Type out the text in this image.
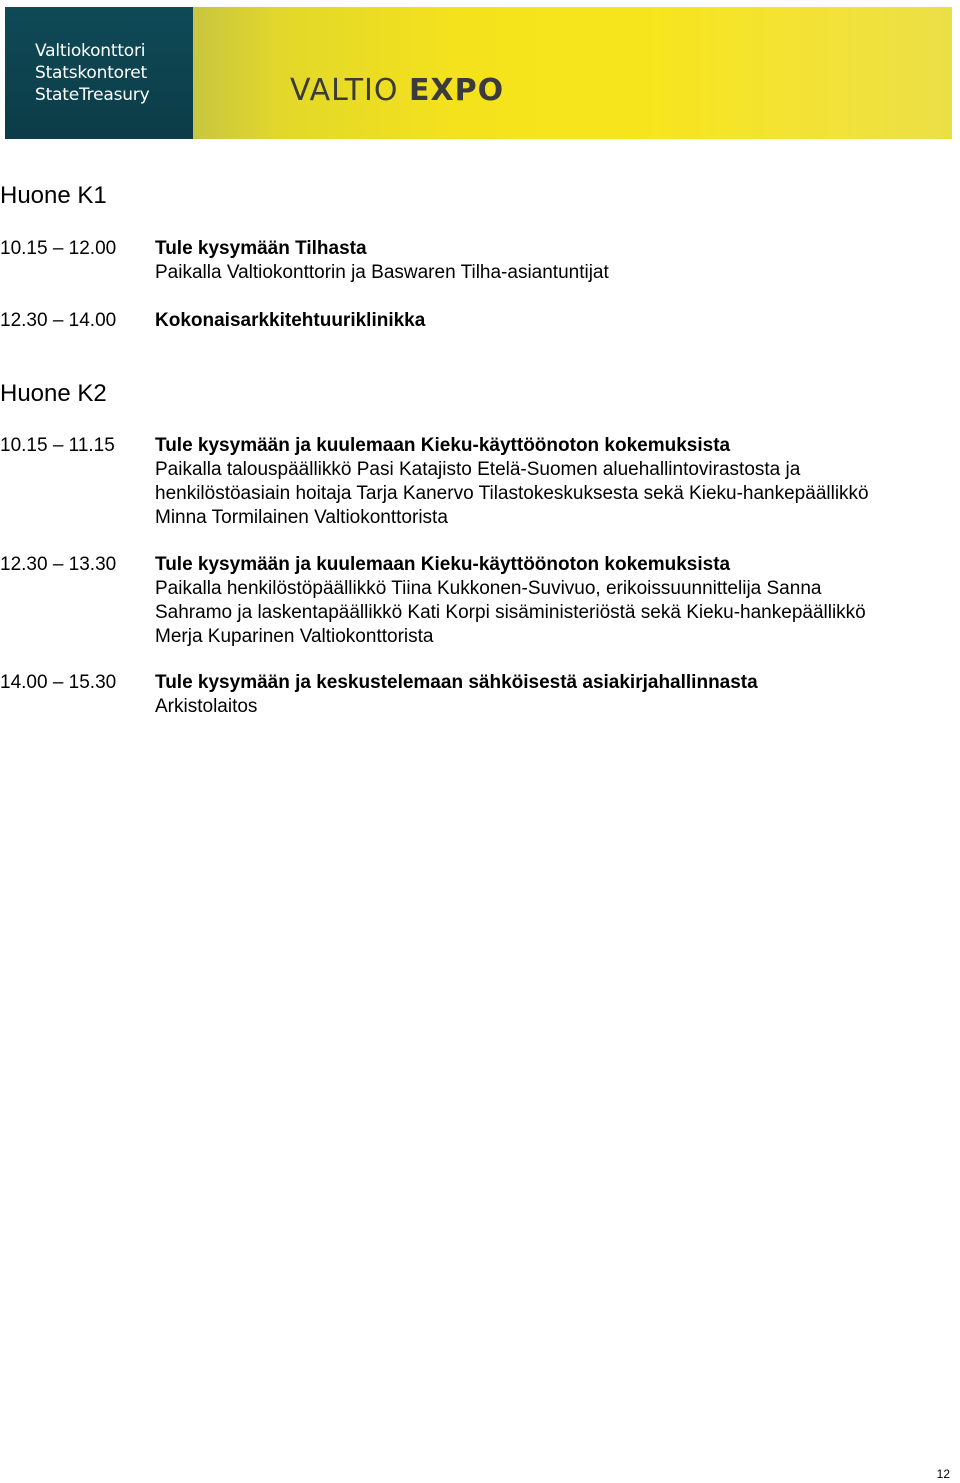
Valtiokonttori
Statskontoret
StateTreasury	VALTIO EXPO
Huone K1
10.15 – 12.00 Tule kysymään Tilhasta
Paikalla Valtiokonttorin ja Baswaren Tilha-asiantuntijat
12.30 – 14.00 Kokonaisarkkitehtuuriklinikka
Huone K2
10.15 – 11.15 Tule kysymään ja kuulemaan Kieku-käyttöönoton kokemuksista
Paikalla talouspäällikkö Pasi Katajisto Etelä-Suomen aluehallintovirastosta ja henkilöstöasiain hoitaja Tarja Kanervo Tilastokeskuksesta sekä Kieku-hankepäällikkö Minna Tormilainen Valtiokonttorista
12.30 – 13.30 Tule kysymään ja kuulemaan Kieku-käyttöönoton kokemuksista
Paikalla henkilöstöpäällikkö Tiina Kukkonen-Suvivuo, erikoissuunnittelija Sanna Sahramo ja laskentapäällikkö Kati Korpi sisäministeriöstä sekä Kieku-hankepäällikkö Merja Kuparinen Valtiokonttorista
14.00 – 15.30 Tule kysymään ja keskustelemaan sähköisestä asiakirjahallinnasta
Arkistolaitos
12
